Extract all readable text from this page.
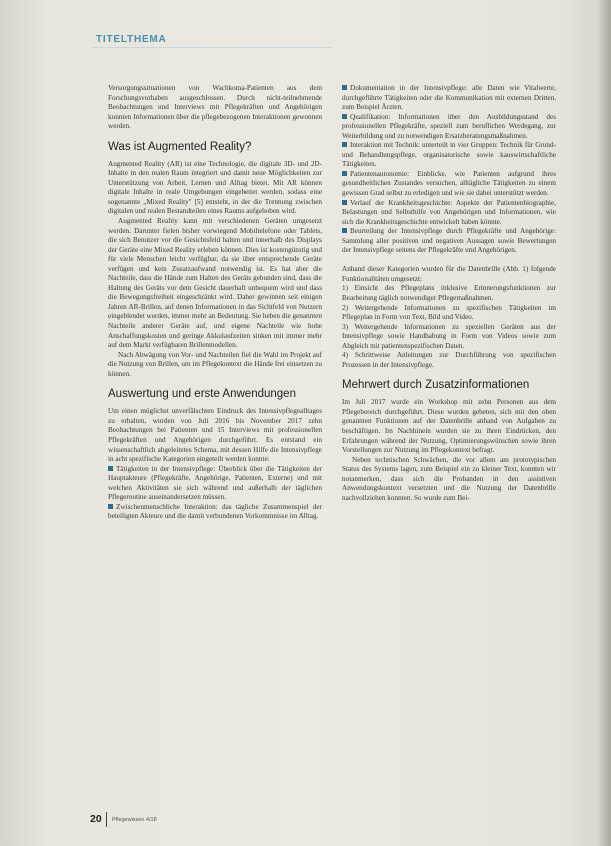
TITELTHEMA

Versorgungssituationen von Wachkoma-Patienten aus dem Forschungsvorhaben ausgeschlossen. Durch nicht-teilnehmende Beobachtungen und Interviews mit Pflegekräften und Angehörigen konnten Informationen über die pflegebezogenen Interaktionen gewonnen werden.

Was ist Augmented Reality?

Augmented Reality (AR) ist eine Technologie, die digitale 3D- und 2D-Inhalte in den realen Raum integriert und damit neue Möglichkeiten zur Unterstützung von Arbeit, Lernen und Alltag bietet. Mit AR können digitale Inhalte in reale Umgebungen eingebettet werden, sodass eine sogenannte „Mixed Reality" [5] entsteht, in der die Trennung zwischen digitalen und realen Bestandteilen eines Raums aufgehoben wird.

Augmented Reality kann mit verschiedenen Geräten umgesetzt werden. Darunter fielen bisher vorwiegend Mobiltelefone oder Tablets, die sich Benutzer vor die Gesichtsfeld halten und innerhalb des Displays der Geräte eine Mixed Reality erleben können. Dies ist kostengünstig und für viele Menschen leicht verfügbar, da sie über entsprechende Geräte verfügen und kein Zusatzaufwand notwendig ist. Es hat aber die Nachteile, dass die Hände zum Halten des Geräts gebunden sind, dass die Haltung des Geräts vor dem Gesicht dauerhaft unbequem wird und dass die Bewegungsfreiheit eingeschränkt wird. Daher gewinnen seit einigen Jahren AR-Brillen, auf denen Informationen in das Sichtfeld von Nutzern eingeblendet werden, immer mehr an Bedeutung. Sie heben die genannten Nachteile anderer Geräte auf, und eigene Nachteile wie hohe Anschaffungskosten und geringe Akkulaufzeiten sinken mit immer mehr auf dem Markt verfügbaren Brillenmodellen.

Nach Abwägung von Vor- und Nachteilen fiel die Wahl im Projekt auf die Nutzung von Brillen, um im Pflegekontext die Hände frei einsetzen zu können.

Auswertung und erste Anwendungen

Um einen möglichst unverfälschten Eindruck des Intensivpflegealltages zu erhalten, wurden von Juli 2016 bis November 2017 zehn Beobachtungen bei Patienten und 15 Interviews mit professionellen Pflegekräften und Angehörigen durchgeführt. Es entstand ein wissenschaftlich abgeleitetes Schema, mit dessen Hilfe die Intensivpflege in acht spezifische Kategorien eingeteilt werden konnte:

Tätigkeiten in der Intensivpflege: Überblick über die Tätigkeiten der Hauptakteure (Pflegekräfte, Angehörige, Patienten, Externe) und mit welchen Aktivitäten sie sich während und außerhalb der täglichen Pflegeroutine auseinandersetzen müssen.

Zwischenmenschliche Interaktion: das tägliche Zusammenspiel der beteiligten Akteure und die damit verbundenen Vorkommnisse im Alltag.

Dokumentation in der Intensivpflege: alle Daten wie Vitalwerte, durchgeführte Tätigkeiten oder die Kommunikation mit externen Dritten, zum Beispiel Ärzten.

Qualifikation: Informationen über den Ausbildungsstand des professionellen Pflegekräfte, speziell zum beruflichen Werdegang, zur Weiterbildung und zu notwendigen Ersatzberatungsmaßnahmen.

Interaktion mit Technik: unterteilt in vier Gruppen: Technik für Grund- und Behandlungspflege, organisatorische sowie kauswirtschaftliche Tätigkeiten.

Patientenautonomie: Einblicke, wie Patienten aufgrund ihres gesundheitlichen Zustandes versuchen, alltägliche Tätigkeiten zu einem gewissen Grad selbst zu erledigen und wie sie dabei unterstützt werden.

Verlauf der Krankheitsgeschichte: Aspekte der Patientenbiographie, Belastungen und Selbsthilfe von Angehörigen und Informationen, wie sich die Krankheitsgeschichte entwickelt haben könnte.

Beurteilung der Intensivpflege durch Pflegekräfte und Angehörige: Sammlung aller positiven und negativen Aussagen sowie Bewertungen der Intensivpflege seitens der Pflegekräfte und Angehörigen.

Anhand dieser Kategorien wurden für die Datenbrille (Abb. 1) folgende Funktionalitäten umgesetzt:

1) Einsicht des Pflegeplans inklusive Erinnerungsfunktionen zur Bearbeitung täglich notwendiger Pflegemaßnahmen.

2) Weitergehende Informationen zu spezifischen Tätigkeiten im Pflegeplan in Form von Text, Bild und Video.

3) Weitergehende Informationen zu speziellen Geräten aus der Intensivpflege sowie Handhabung in Form von Videos sowie zum Abgleich mit patientenspezifischen Daten.

4) Schrittweise Anleitungen zur Durchführung von spezifischen Prozessen in der Intensivpflege.

Mehrwert durch Zusatzinformationen

Im Juli 2017 wurde ein Workshop mit zehn Personen aus dem Pflegebereich durchgeführt. Diese wurden gebeten, sich mit den oben genannten Funktionen auf der Datenbrille anhand von Aufgaben zu beschäftigen. Im Nachhinein wurden sie zu ihren Eindrücken, den Erfahrungen während der Nutzung, Optimierungswünschen sowie ihren Vorstellungen zur Nutzung im Pflegekontext befragt.

Neben technischen Schwächen, die vor allem am prototypischen Status des Systems lagen, zum Beispiel ein zu kleiner Text, konnten wir notanmerken, dass sich die Probanden in den assistiven Anwendungskontext versetzten und die Nutzung der Datenbrille nachvollziehen konnten. So wurde zum Bei-

20 Pflegewissen 4/18
